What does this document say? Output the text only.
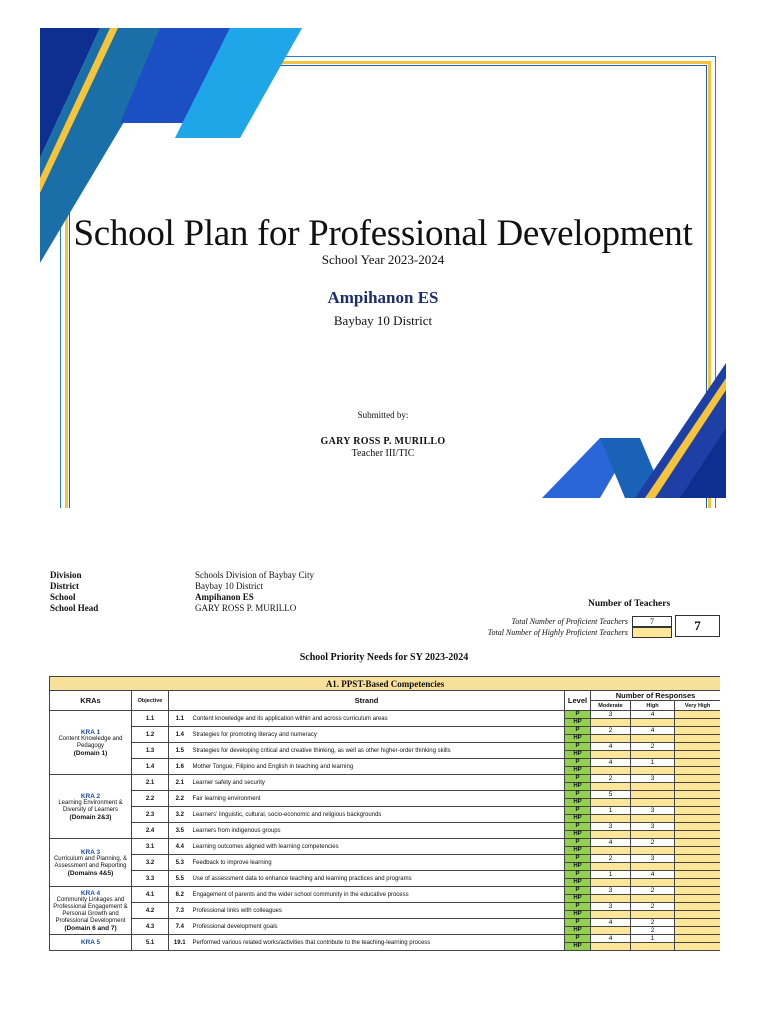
School Plan for Professional Development
School Year 2023-2024
Ampihanon ES
Baybay 10 District
Submitted by:
GARY ROSS P. MURILLO
Teacher III/TIC
Division	Schools Division of Baybay City
District	Baybay 10 District
School	Ampihanon ES
School Head	GARY ROSS P. MURILLO	Number of Teachers
Total Number of Proficient Teachers	7
Total Number of Highly Proficient Teachers	7
School Priority Needs for SY 2023-2024
A1. PPST-Based Competencies							
KRAs	Objective	Strand		Level	Number of Responses		
					Moderate	High	Very High

KRA 1
Content Knowledge and Pedagogy
(Domain 1)	1.1	1.1	Content knowledge and its application within and across curriculum areas	P	3	4	
				HP			
	1.2	1.4	Strategies for promoting literacy and numeracy	P	2	4	
				HP			
	1.3	1.5	Strategies for developing critical and creative thinking, as well as other higher-order thinking skills	P	4	2	
				HP			
	1.4	1.6	Mother Tongue, Filipino and English in teaching and learning	P	4	1	
				HP			

KRA 2
Learning Environment & Diversity of Learners
(Domain 2&3)	2.1	2.1	Learner safety and security	P	2	3	
				HP			
	2.2	2.2	Fair learning environment	P	5		
				HP			
	2.3	3.2	Learners' linguistic, cultural, socio-economic and religious backgrounds	P	1	3	
				HP			
	2.4	3.5	Learners from indigenous groups	P	3	3	
				HP			

KRA 3
Curriculum and Planning, & Assessment and Reporting
(Domains 4&5)	3.1	4.4	Learning outcomes aligned with learning competencies	P	4	2	
				HP			
	3.2	5.3	Feedback to improve learning	P	2	3	
				HP			
	3.3	5.5	Use of assessment data to enhance teaching and learning practices and programs	P	1	4	
				HP			

KRA 4
Community Linkages and Professional Engagement & Personal Growth and Professional Development
(Domain 6 and 7)	4.1	6.2	Engagement of parents and the wider school community in the educative process	P	3	2	
				HP			
	4.2	7.3	Professional links with colleagues	P	3	2	
				HP			
	4.3	7.4	Professional development goals	P	4	2	
				HP		2	

KRA 5	5.1	19.1	Performed various related works/activities that contribute to the teaching-learning process	P	4	1	
				HP			
